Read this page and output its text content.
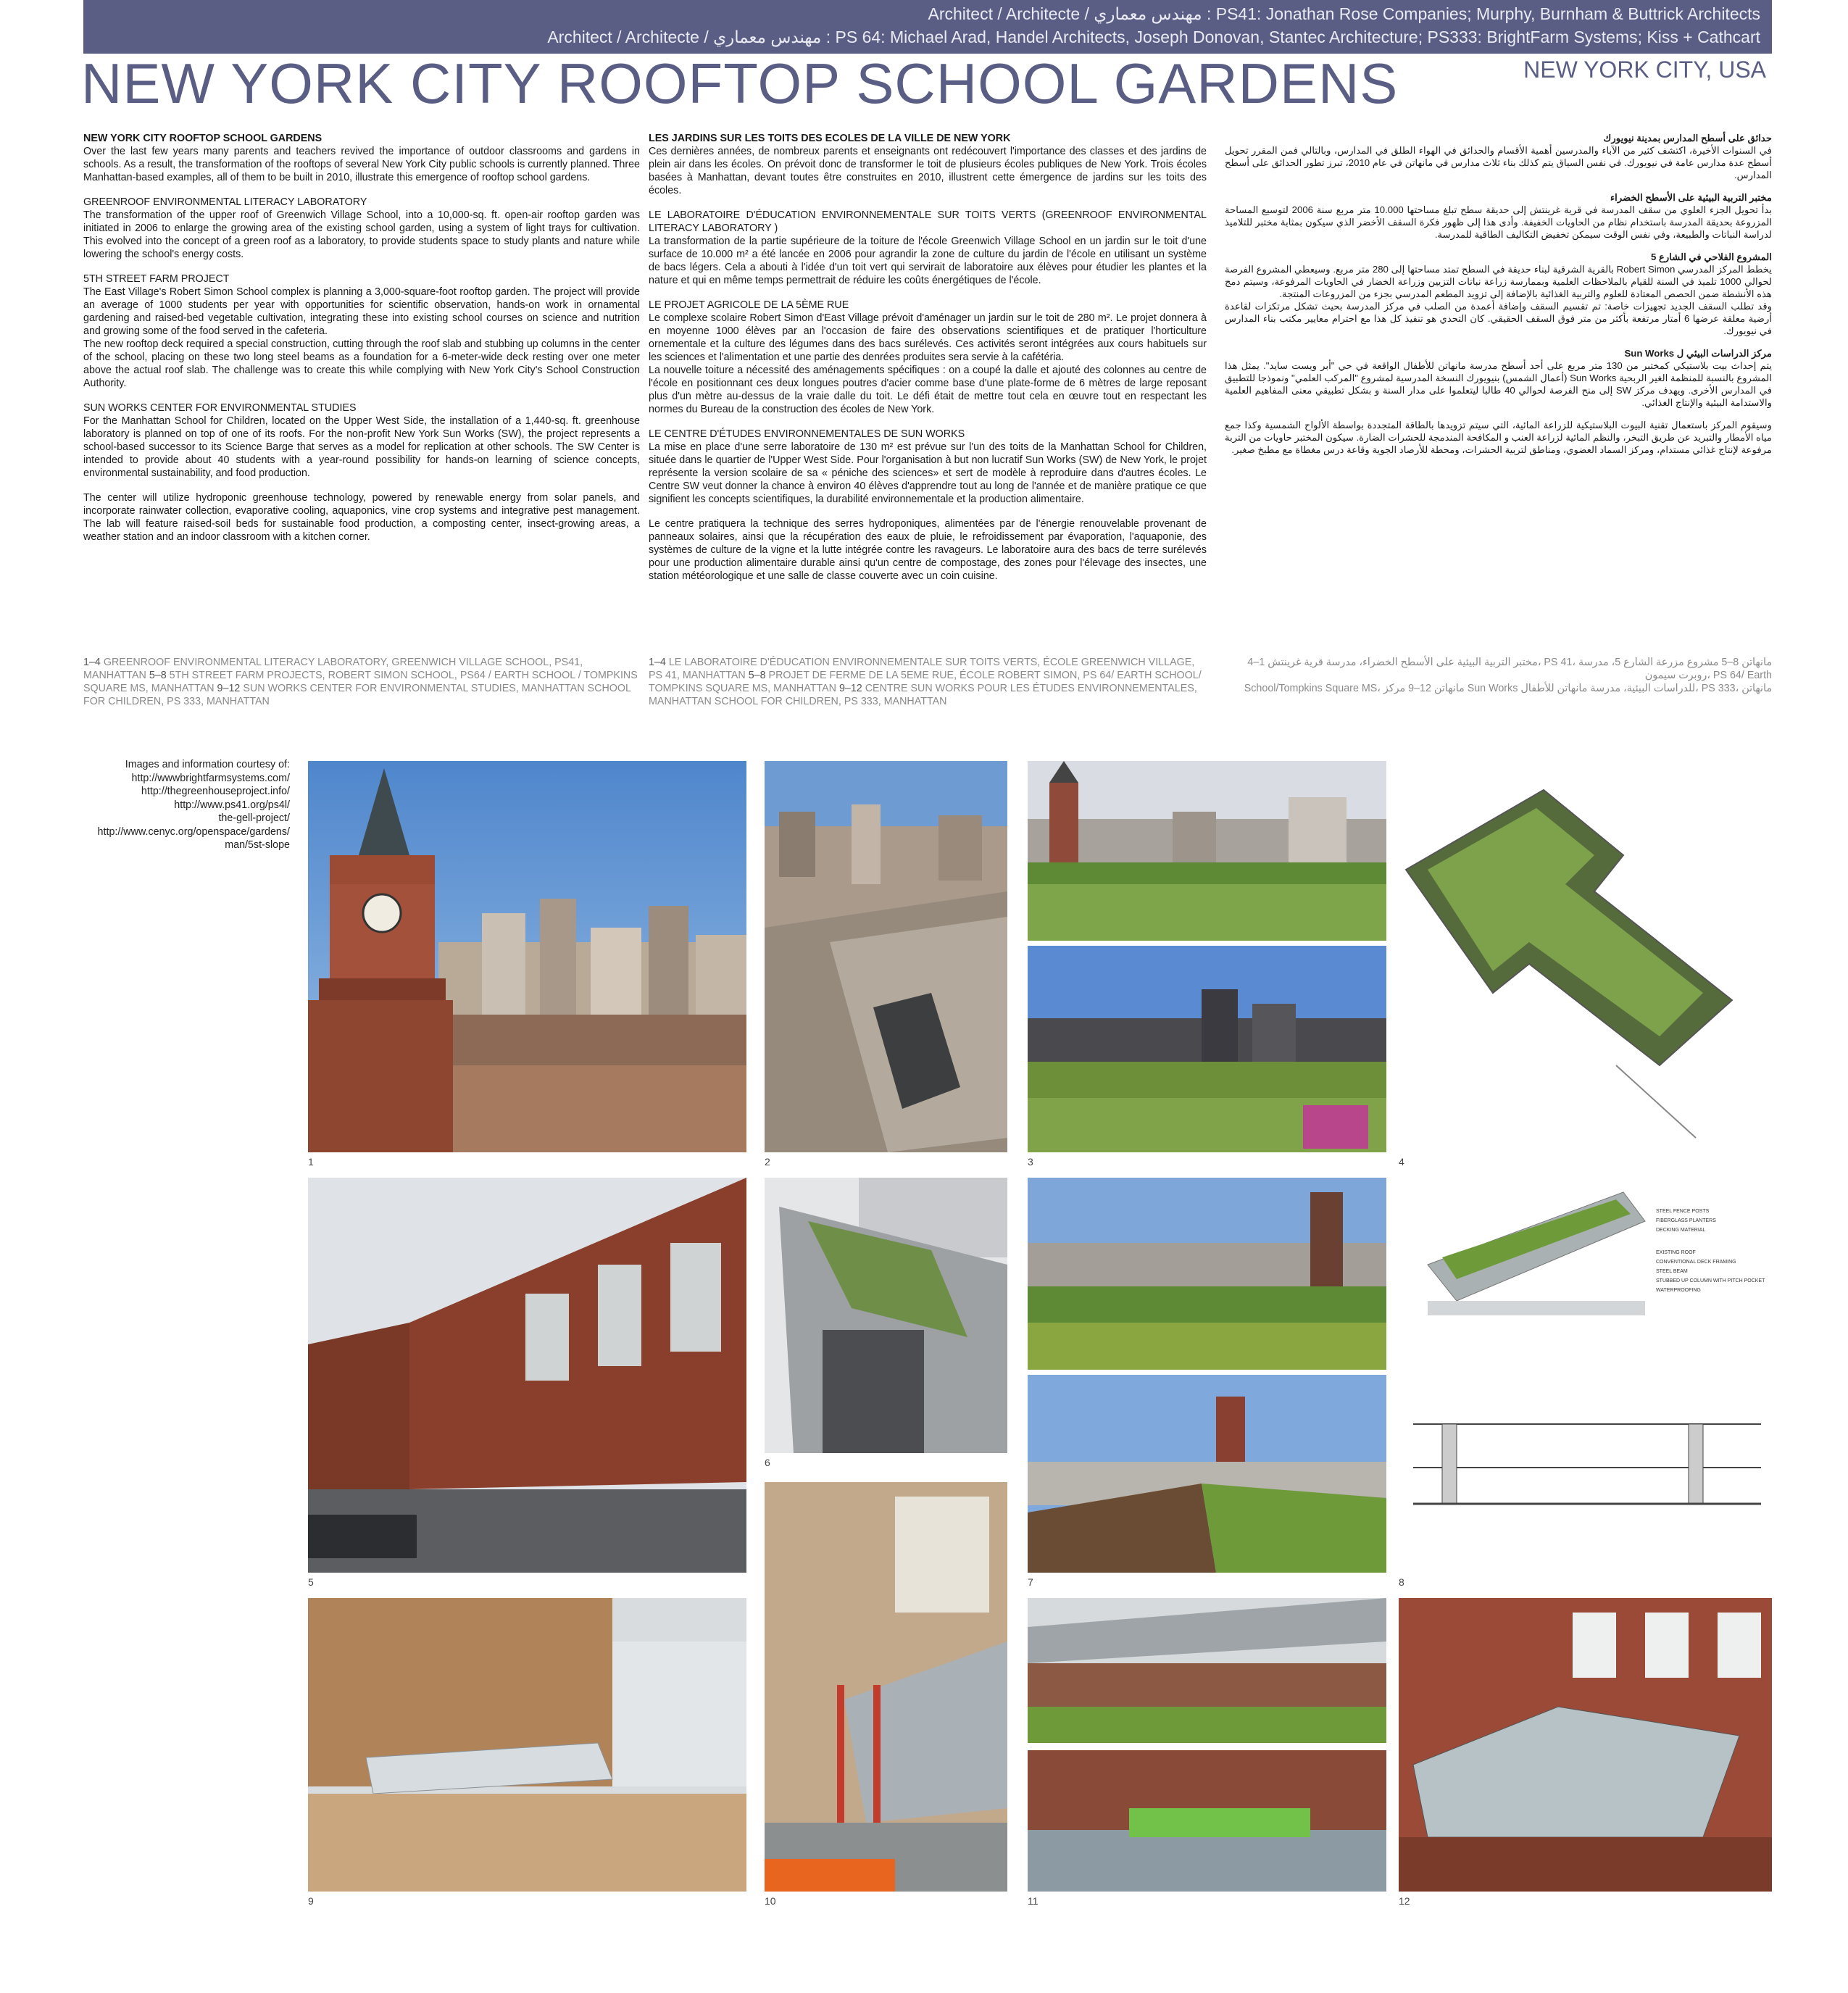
Architect / Architecte / مهندس معماري : PS41: Jonathan Rose Companies; Murphy, Burnham & Buttrick Architects
Architect / Architecte / مهندس معماري : PS 64: Michael Arad, Handel Architects, Joseph Donovan, Stantec Architecture; PS333: BrightFarm Systems; Kiss + Cathcart
NEW YORK CITY ROOFTOP SCHOOL GARDENS	NEW YORK CITY, USA

NEW YORK CITY ROOFTOP SCHOOL GARDENS
Over the last few years many parents and teachers revived the importance of outdoor classrooms and gardens in schools. As a result, the transformation of the rooftops of several New York City public schools is currently planned. Three Manhattan-based examples, all of them to be built in 2010, illustrate this emergence of rooftop school gardens.

GREENROOF ENVIRONMENTAL LITERACY LABORATORY
The transformation of the upper roof of Greenwich Village School, into a 10,000-sq. ft. open-air rooftop garden was initiated in 2006 to enlarge the growing area of the existing school garden, using a system of light trays for cultivation. This evolved into the concept of a green roof as a laboratory, to provide students space to study plants and nature while lowering the school's energy costs.

5TH STREET FARM PROJECT
The East Village's Robert Simon School complex is planning a 3,000-square-foot rooftop garden. The project will provide an average of 1000 students per year with opportunities for scientific observation, hands-on work in ornamental gardening and raised-bed vegetable cultivation, integrating these into existing school courses on science and nutrition and growing some of the food served in the cafeteria.
The new rooftop deck required a special construction, cutting through the roof slab and stubbing up columns in the center of the school, placing on these two long steel beams as a foundation for a 6-meter-wide deck resting over one meter above the actual roof slab. The challenge was to create this while complying with New York City's School Construction Authority.

SUN WORKS CENTER FOR ENVIRONMENTAL STUDIES
For the Manhattan School for Children, located on the Upper West Side, the installation of a 1,440-sq. ft. greenhouse laboratory is planned on top of one of its roofs. For the non-profit New York Sun Works (SW), the project represents a school-based successor to its Science Barge that serves as a model for replication at other schools. The SW Center is intended to provide about 40 students with a year-round possibility for hands-on learning of science concepts, environmental sustainability, and food production.

The center will utilize hydroponic greenhouse technology, powered by renewable energy from solar panels, and incorporate rainwater collection, evaporative cooling, aquaponics, vine crop systems and integrative pest management. The lab will feature raised-soil beds for sustainable food production, a composting center, insect-growing areas, a weather station and an indoor classroom with a kitchen corner.

LES JARDINS SUR LES TOITS DES ECOLES DE LA VILLE DE NEW YORK
Ces dernières années, de nombreux parents et enseignants ont redécouvert l'importance des classes et des jardins de plein air dans les écoles. On prévoit donc de transformer le toit de plusieurs écoles publiques de New York. Trois écoles basées à Manhattan, devant toutes être construites en 2010, illustrent cette émergence de jardins sur les toits des écoles.

LE LABORATOIRE D'ÉDUCATION ENVIRONNEMENTALE SUR TOITS VERTS (GREENROOF ENVIRONMENTAL LITERACY LABORATORY )
La transformation de la partie supérieure de la toiture de l'école Greenwich Village School en un jardin sur le toit d'une surface de 10.000 m² a été lancée en 2006 pour agrandir la zone de culture du jardin de l'école en utilisant un système de bacs légers. Cela a abouti à l'idée d'un toit vert qui servirait de laboratoire aux élèves pour étudier les plantes et la nature et qui en même temps permettrait de réduire les coûts énergétiques de l'école.

LE PROJET AGRICOLE DE LA 5ÈME RUE
Le complexe scolaire Robert Simon d'East Village prévoit d'aménager un jardin sur le toit de 280 m². Le projet donnera à en moyenne 1000 élèves par an l'occasion de faire des observations scientifiques et de pratiquer l'horticulture ornementale et la culture des légumes dans des bacs surélevés. Ces activités seront intégrées aux cours habituels sur les sciences et l'alimentation et une partie des denrées produites sera servie à la cafétéria.
La nouvelle toiture a nécessité des aménagements spécifiques : on a coupé la dalle et ajouté des colonnes au centre de l'école en positionnant ces deux longues poutres d'acier comme base d'une plate-forme de 6 mètres de large reposant plus d'un mètre au-dessus de la vraie dalle du toit. Le défi était de mettre tout cela en œuvre tout en respectant les normes du Bureau de la construction des écoles de New York.

LE CENTRE D'ÉTUDES ENVIRONNEMENTALES DE SUN WORKS
La mise en place d'une serre laboratoire de 130 m² est prévue sur l'un des toits de la Manhattan School for Children, située dans le quartier de l'Upper West Side. Pour l'organisation à but non lucratif Sun Works (SW) de New York, le projet représente la version scolaire de sa « péniche des sciences» et sert de modèle à reproduire dans d'autres écoles. Le Centre SW veut donner la chance à environ 40 élèves d'apprendre tout au long de l'année et de manière pratique ce que signifient les concepts scientifiques, la durabilité environnementale et la production alimentaire.

Le centre pratiquera la technique des serres hydroponiques, alimentées par de l'énergie renouvelable provenant de panneaux solaires, ainsi que la récupération des eaux de pluie, le refroidissement par évaporation, l'aquaponie, des systèmes de culture de la vigne et la lutte intégrée contre les ravageurs. Le laboratoire aura des bacs de terre surélevés pour une production alimentaire durable ainsi qu'un centre de compostage, des zones pour l'élevage des insectes, une station météorologique et une salle de classe couverte avec un coin cuisine.

حدائق على أسطح المدارس بمدينة نيويورك
في السنوات الأخيرة، اكتشف كثير من الآباء والمدرسين أهمية الأقسام والحدائق في الهواء الطلق في المدارس، وبالتالي فمن المقرر تحويل أسطح عدة مدارس عامة في نيويورك. في نفس السياق يتم كذلك بناء ثلاث مدارس في مانهاتن في عام 2010، تبرز تطور الحدائق على أسطح المدارس.

مختبر التربية البيئية على الأسطح الخضراء
بدأ تحويل الجزء العلوي من سقف المدرسة في قرية غرينتش إلى حديقة سطح تبلغ مساحتها 10.000 متر مربع سنة 2006 لتوسيع المساحة المزروعة بحديقة المدرسة باستخدام نظام من الحاويات الخفيفة. وأدى هذا إلى ظهور فكرة السقف الأخضر الذي سيكون بمثابة مختبر للتلاميذ لدراسة النباتات والطبيعة، وفي نفس الوقت سيمكن تخفيض التكاليف الطاقية للمدرسة.

المشروع الفلاحي في الشارع 5
يخطط المركز المدرسي Robert Simon بالقرية الشرقية لبناء حديقة في السطح تمتد مساحتها إلى 280 متر مربع. وسيعطي المشروع الفرصة لحوالي 1000 تلميذ في السنة للقيام بالملاحظات العلمية وبممارسة زراعة نباتات التزيين وزراعة الخضار في الحاويات المرفوعة، وسيتم دمج هذه الأنشطة ضمن الحصص المعتادة للعلوم والتربية الغذائية بالإضافة إلى تزويد المطعم المدرسي بجزء من المزروعات المنتجة.
وقد تطلب السقف الجديد تجهيزات خاصة: تم تقسيم السقف وإضافة أعمدة من الصلب في مركز المدرسة بحيث تشكل مرتكزات لقاعدة أرضية معلقة عرضها 6 أمتار مرتفعة بأكثر من متر فوق السقف الحقيقي. كان التحدي هو تنفيذ كل هذا مع احترام معايير مكتب بناء المدارس في نيويورك.

مركز الدراسات البيئي ل Sun Works
يتم إحداث بيت بلاستيكي كمختبر من 130 متر مربع على أحد أسطح مدرسة مانهاتن للأطفال الواقعة في حي "أبر ويست سايد". يمثل هذا المشروع بالنسبة للمنظمة الغير الربحية Sun Works (أعمال الشمس) بنيويورك النسخة المدرسية لمشروع "المركب العلمي" ونموذجا للتطبيق في المدارس الأخرى. ويهدف مركز SW إلى منح الفرصة لحوالي 40 طالبا ليتعلموا على مدار السنة و بشكل تطبيقي معنى المفاهيم العلمية والاستدامة البيئية والإنتاج الغذائي.

وسيقوم المركز باستعمال تقنية البيوت البلاستيكية للزراعة المائية، التي سيتم تزويدها بالطاقة المتجددة بواسطة الألواح الشمسية وكذا جمع مياه الأمطار والتبريد عن طريق التبخر، والنظم المائية لزراعة العنب و المكافحة المندمجة للحشرات الضارة. سيكون المختبر حاويات من التربة مرفوعة لإنتاج غذائي مستدام، ومركز السماد العضوي، ومناطق لتربية الحشرات، ومحطة للأرصاد الجوية وقاعة درس مغطاة مع مطبخ صغير.

1–4 GREENROOF ENVIRONMENTAL LITERACY LABORATORY, GREENWICH VILLAGE SCHOOL, PS41, MANHATTAN 5–8 5TH STREET FARM PROJECTS, ROBERT SIMON SCHOOL, PS64 / EARTH SCHOOL / TOMPKINS SQUARE MS, MANHATTAN 9–12 SUN WORKS CENTER FOR ENVIRONMENTAL STUDIES, MANHATTAN SCHOOL FOR CHILDREN, PS 333, MANHATTAN
1–4 LE LABORATOIRE D'ÉDUCATION ENVIRONNEMENTALE SUR TOITS VERTS, ÉCOLE GREENWICH VILLAGE, PS 41, MANHATTAN 5–8 PROJET DE FERME DE LA 5EME RUE, ÉCOLE ROBERT SIMON, PS 64/ EARTH SCHOOL/ TOMPKINS SQUARE MS, MANHATTAN 9–12 CENTRE SUN WORKS POUR LES ÉTUDES ENVIRONNEMENTALES, MANHATTAN SCHOOL FOR CHILDREN, PS 333, MANHATTAN
4–1 مختبر التربية البيئية على الأسطح الخضراء، مدرسة قرية غرينتش، PS 41، مانهاتن 8–5 مشروع مزرعة الشارع 5، مدرسة روبرت سيمون، PS 64/ Earth
School/Tompkins Square MS، مانهاتن 12–9 مركز Sun Works للدراسات البيئية، مدرسة مانهاتن للأطفال، PS 333، مانهاتن
Images and information courtesy of:
http://wwwbrightfarmsystems.com/
http://thegreenhouseproject.info/
http://www.ps41.org/ps4l/
the-gell-project/
http://www.cenyc.org/openspace/gardens/
man/5st-slope
1	2	3	4
5
6
7
STEEL FENCE POSTS
FIBERGLASS PLANTERS
DECKING MATERIAL
EXISTING ROOF
CONVENTIONAL DECK FRAMING
STEEL BEAM
STUBBED UP COLUMN WITH PITCH POCKET WATERPROOFING
8
9	10	11	12
